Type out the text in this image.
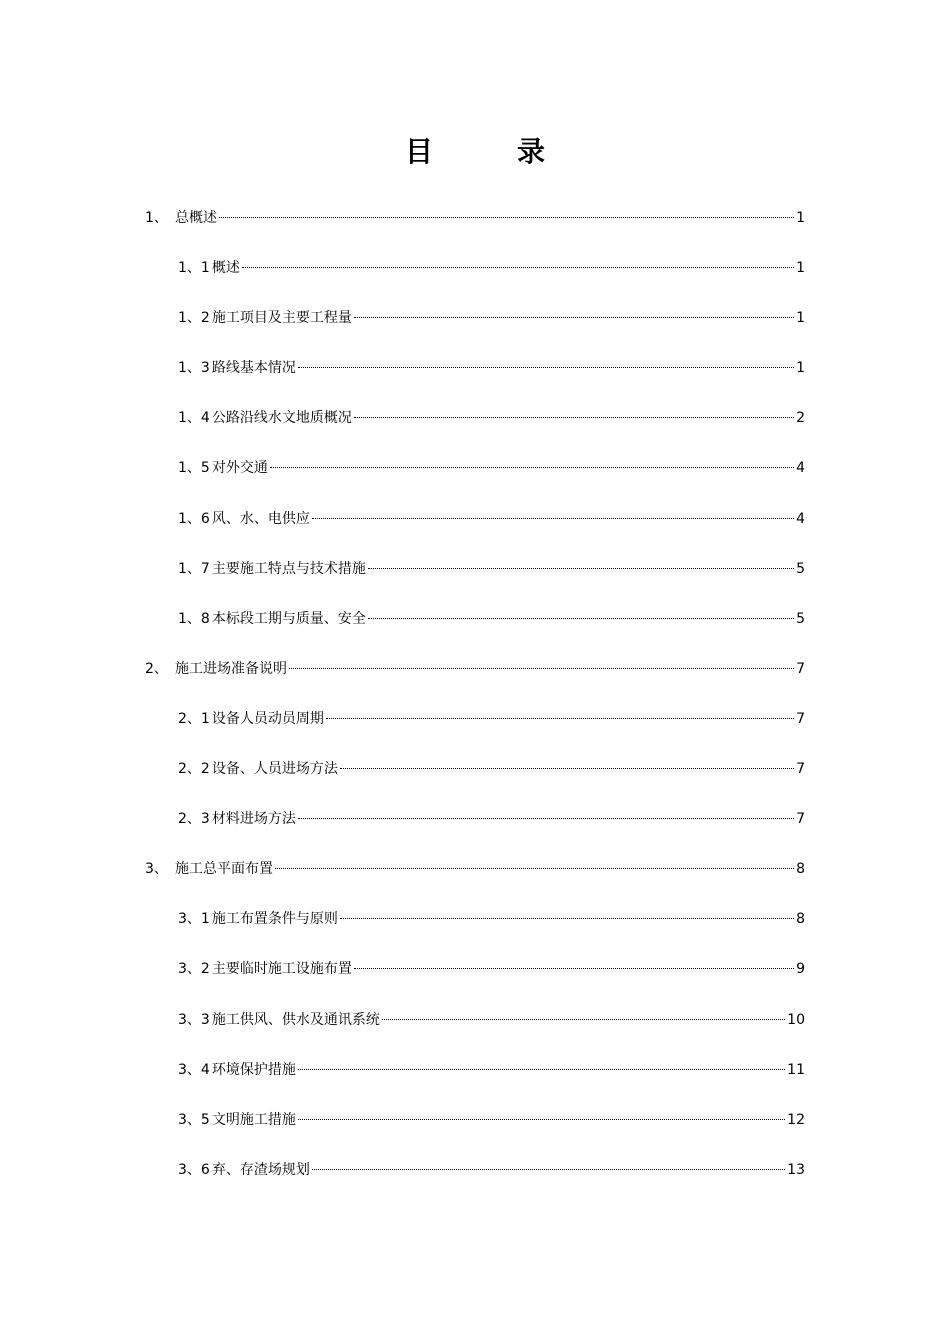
目　录
1、 总概述	1
1、1 概述	1
1、2 施工项目及主要工程量	1
1、3 路线基本情况	1
1、4 公路沿线水文地质概况	2
1、5 对外交通	4
1、6 风、水、电供应	4
1、7 主要施工特点与技术措施	5
1、8 本标段工期与质量、安全	5
2、 施工进场准备说明	7
2、1 设备人员动员周期	7
2、2 设备、人员进场方法	7
2、3 材料进场方法	7
3、 施工总平面布置	8
3、1 施工布置条件与原则	8
3、2 主要临时施工设施布置	9
3、3 施工供风、供水及通讯系统	10
3、4 环境保护措施	11
3、5 文明施工措施	12
3、6 弃、存渣场规划	13
